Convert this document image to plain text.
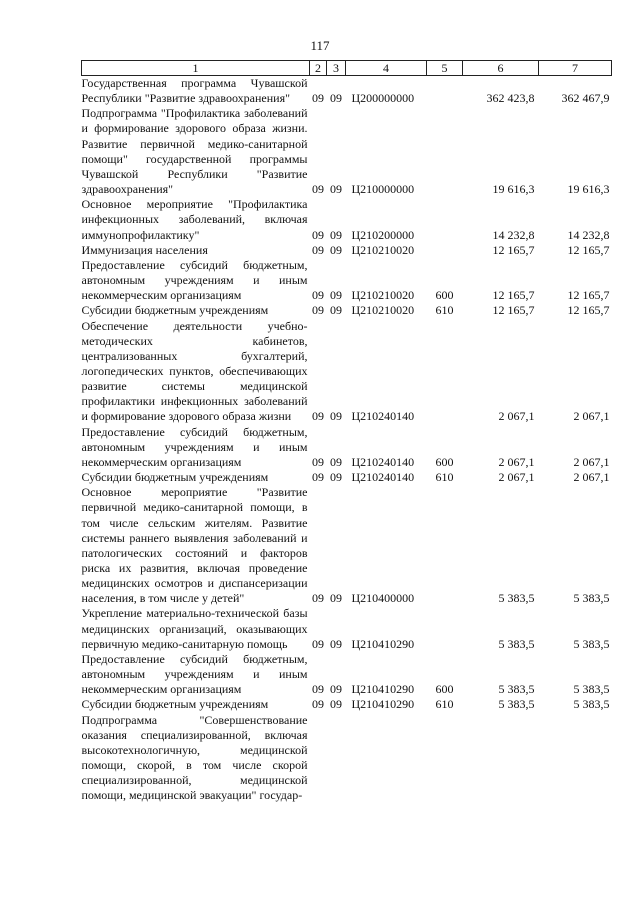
117
1	2	3	4	5	6	7
Государственная программа Чувашской Республики "Развитие здравоохранения"	09	09	Ц200000000		362 423,8	362 467,9
Подпрограмма "Профилактика заболеваний и формирование здорового образа жизни. Развитие первичной медико-санитарной помощи" государственной программы Чувашской Республики "Развитие здравоохранения"	09	09	Ц210000000		19 616,3	19 616,3
Основное мероприятие "Профилактика инфекционных заболеваний, включая иммунопрофилактику"	09	09	Ц210200000		14 232,8	14 232,8
Иммунизация населения	09	09	Ц210210020		12 165,7	12 165,7
Предоставление субсидий бюджетным, автономным учреждениям и иным некоммерческим организациям	09	09	Ц210210020	600	12 165,7	12 165,7
Субсидии бюджетным учреждениям	09	09	Ц210210020	610	12 165,7	12 165,7
Обеспечение деятельности учебно-методических кабинетов, централизованных бухгалтерий, логопедических пунктов, обеспечивающих развитие системы медицинской профилактики инфекционных заболеваний и формирование здорового образа жизни	09	09	Ц210240140		2 067,1	2 067,1
Предоставление субсидий бюджетным, автономным учреждениям и иным некоммерческим организациям	09	09	Ц210240140	600	2 067,1	2 067,1
Субсидии бюджетным учреждениям	09	09	Ц210240140	610	2 067,1	2 067,1
Основное мероприятие "Развитие первичной медико-санитарной помощи, в том числе сельским жителям. Развитие системы раннего выявления заболеваний и патологических состояний и факторов риска их развития, включая проведение медицинских осмотров и диспансеризации населения, в том числе у детей"	09	09	Ц210400000		5 383,5	5 383,5
Укрепление материально-технической базы медицинских организаций, оказывающих первичную медико-санитарную помощь	09	09	Ц210410290		5 383,5	5 383,5
Предоставление субсидий бюджетным, автономным учреждениям и иным некоммерческим организациям	09	09	Ц210410290	600	5 383,5	5 383,5
Субсидии бюджетным учреждениям	09	09	Ц210410290	610	5 383,5	5 383,5
Подпрограмма "Совершенствование оказания специализированной, включая высокотехнологичную, медицинской помощи, скорой, в том числе скорой специализированной, медицинской помощи, медицинской эвакуации" государ-						
